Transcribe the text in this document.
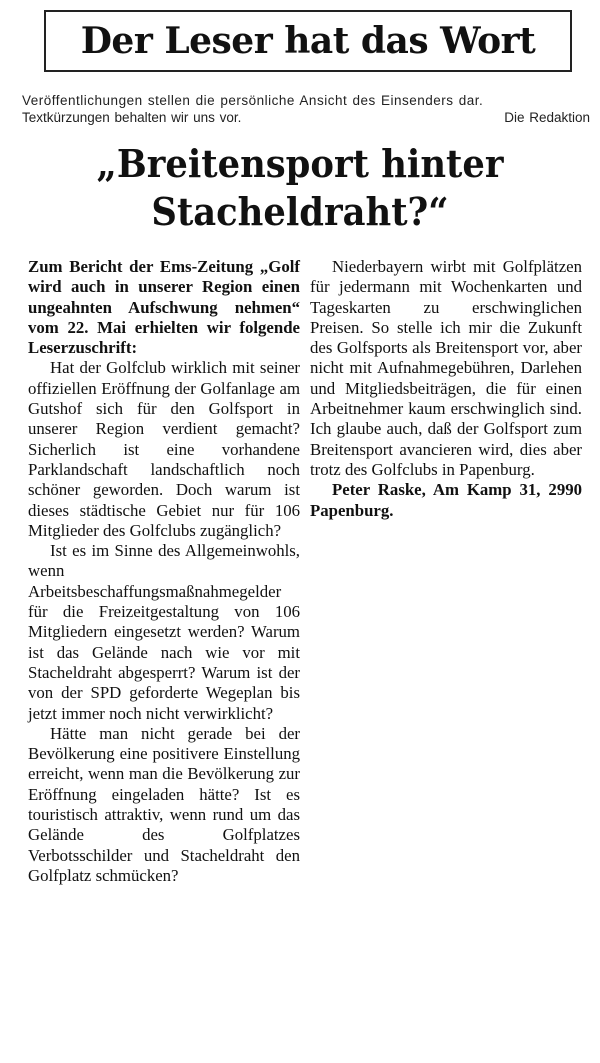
Der Leser hat das Wort
Veröffentlichungen stellen die persönliche Ansicht des Einsenders dar.
Textkürzungen behalten wir uns vor.	Die Redaktion
„Breitensport hinter
Stacheldraht?“

Zum Bericht der Ems-Zeitung „Golf wird auch in unserer Region einen ungeahnten Aufschwung nehmen“ vom 22. Mai erhielten wir folgende Leserzuschrift:

Hat der Golfclub wirklich mit seiner offiziellen Eröffnung der Golfanlage am Gutshof sich für den Golfsport in unserer Region verdient gemacht? Sicherlich ist eine vorhandene Parklandschaft landschaftlich noch schöner geworden. Doch warum ist dieses städtische Gebiet nur für 106 Mitglieder des Golfclubs zugänglich?

Ist es im Sinne des Allgemeinwohls, wenn Arbeitsbeschaffungsmaßnahmegelder für die Freizeitgestaltung von 106 Mitgliedern eingesetzt werden? Warum ist das Gelände nach wie vor mit Stacheldraht abgesperrt? Warum ist der von der SPD geforderte Wegeplan bis jetzt immer noch nicht verwirklicht?

Hätte man nicht gerade bei der Bevölkerung eine positivere Einstellung erreicht, wenn man die Bevölkerung zur Eröffnung eingeladen hätte? Ist es touristisch attraktiv, wenn rund um das Gelände des Golfplatzes Verbotsschilder und Stacheldraht den Golfplatz schmücken?

Niederbayern wirbt mit Golfplätzen für jedermann mit Wochenkarten und Tageskarten zu erschwinglichen Preisen. So stelle ich mir die Zukunft des Golfsports als Breitensport vor, aber nicht mit Aufnahmegebühren, Darlehen und Mitgliedsbeiträgen, die für einen Arbeitnehmer kaum erschwinglich sind. Ich glaube auch, daß der Golfsport zum Breitensport avancieren wird, dies aber trotz des Golfclubs in Papenburg.

Peter Raske, Am Kamp 31, 2990 Papenburg.
